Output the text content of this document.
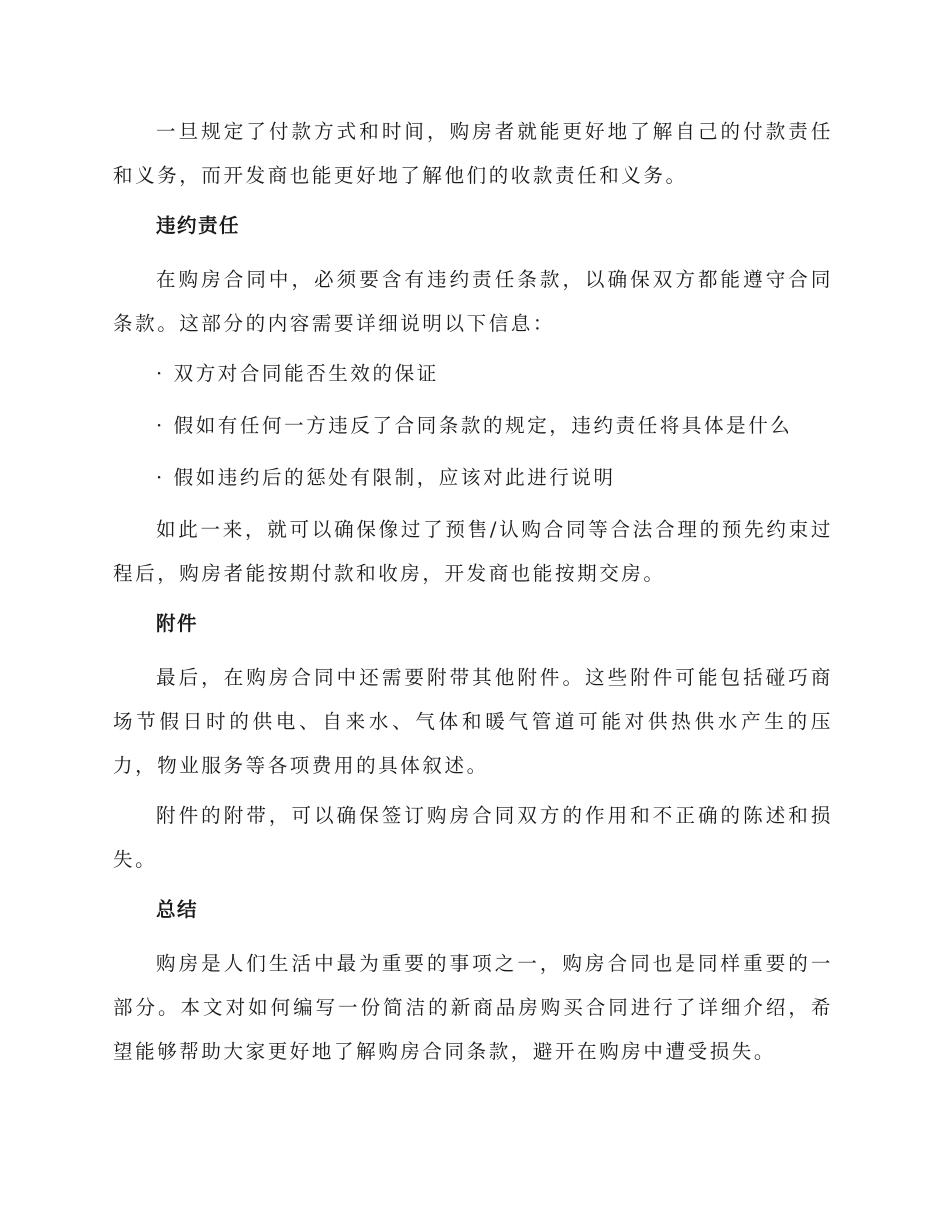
一旦规定了付款方式和时间，购房者就能更好地了解自己的付款责任和义务，而开发商也能更好地了解他们的收款责任和义务。

违约责任

在购房合同中，必须要含有违约责任条款，以确保双方都能遵守合同条款。这部分的内容需要详细说明以下信息：

· 双方对合同能否生效的保证
· 假如有任何一方违反了合同条款的规定，违约责任将具体是什么
· 假如违约后的惩处有限制，应该对此进行说明

如此一来，就可以确保像过了预售/认购合同等合法合理的预先约束过程后，购房者能按期付款和收房，开发商也能按期交房。

附件

最后，在购房合同中还需要附带其他附件。这些附件可能包括碰巧商场节假日时的供电、自来水、气体和暖气管道可能对供热供水产生的压力，物业服务等各项费用的具体叙述。

附件的附带，可以确保签订购房合同双方的作用和不正确的陈述和损失。

总结

购房是人们生活中最为重要的事项之一，购房合同也是同样重要的一部分。本文对如何编写一份简洁的新商品房购买合同进行了详细介绍，希望能够帮助大家更好地了解购房合同条款，避开在购房中遭受损失。
